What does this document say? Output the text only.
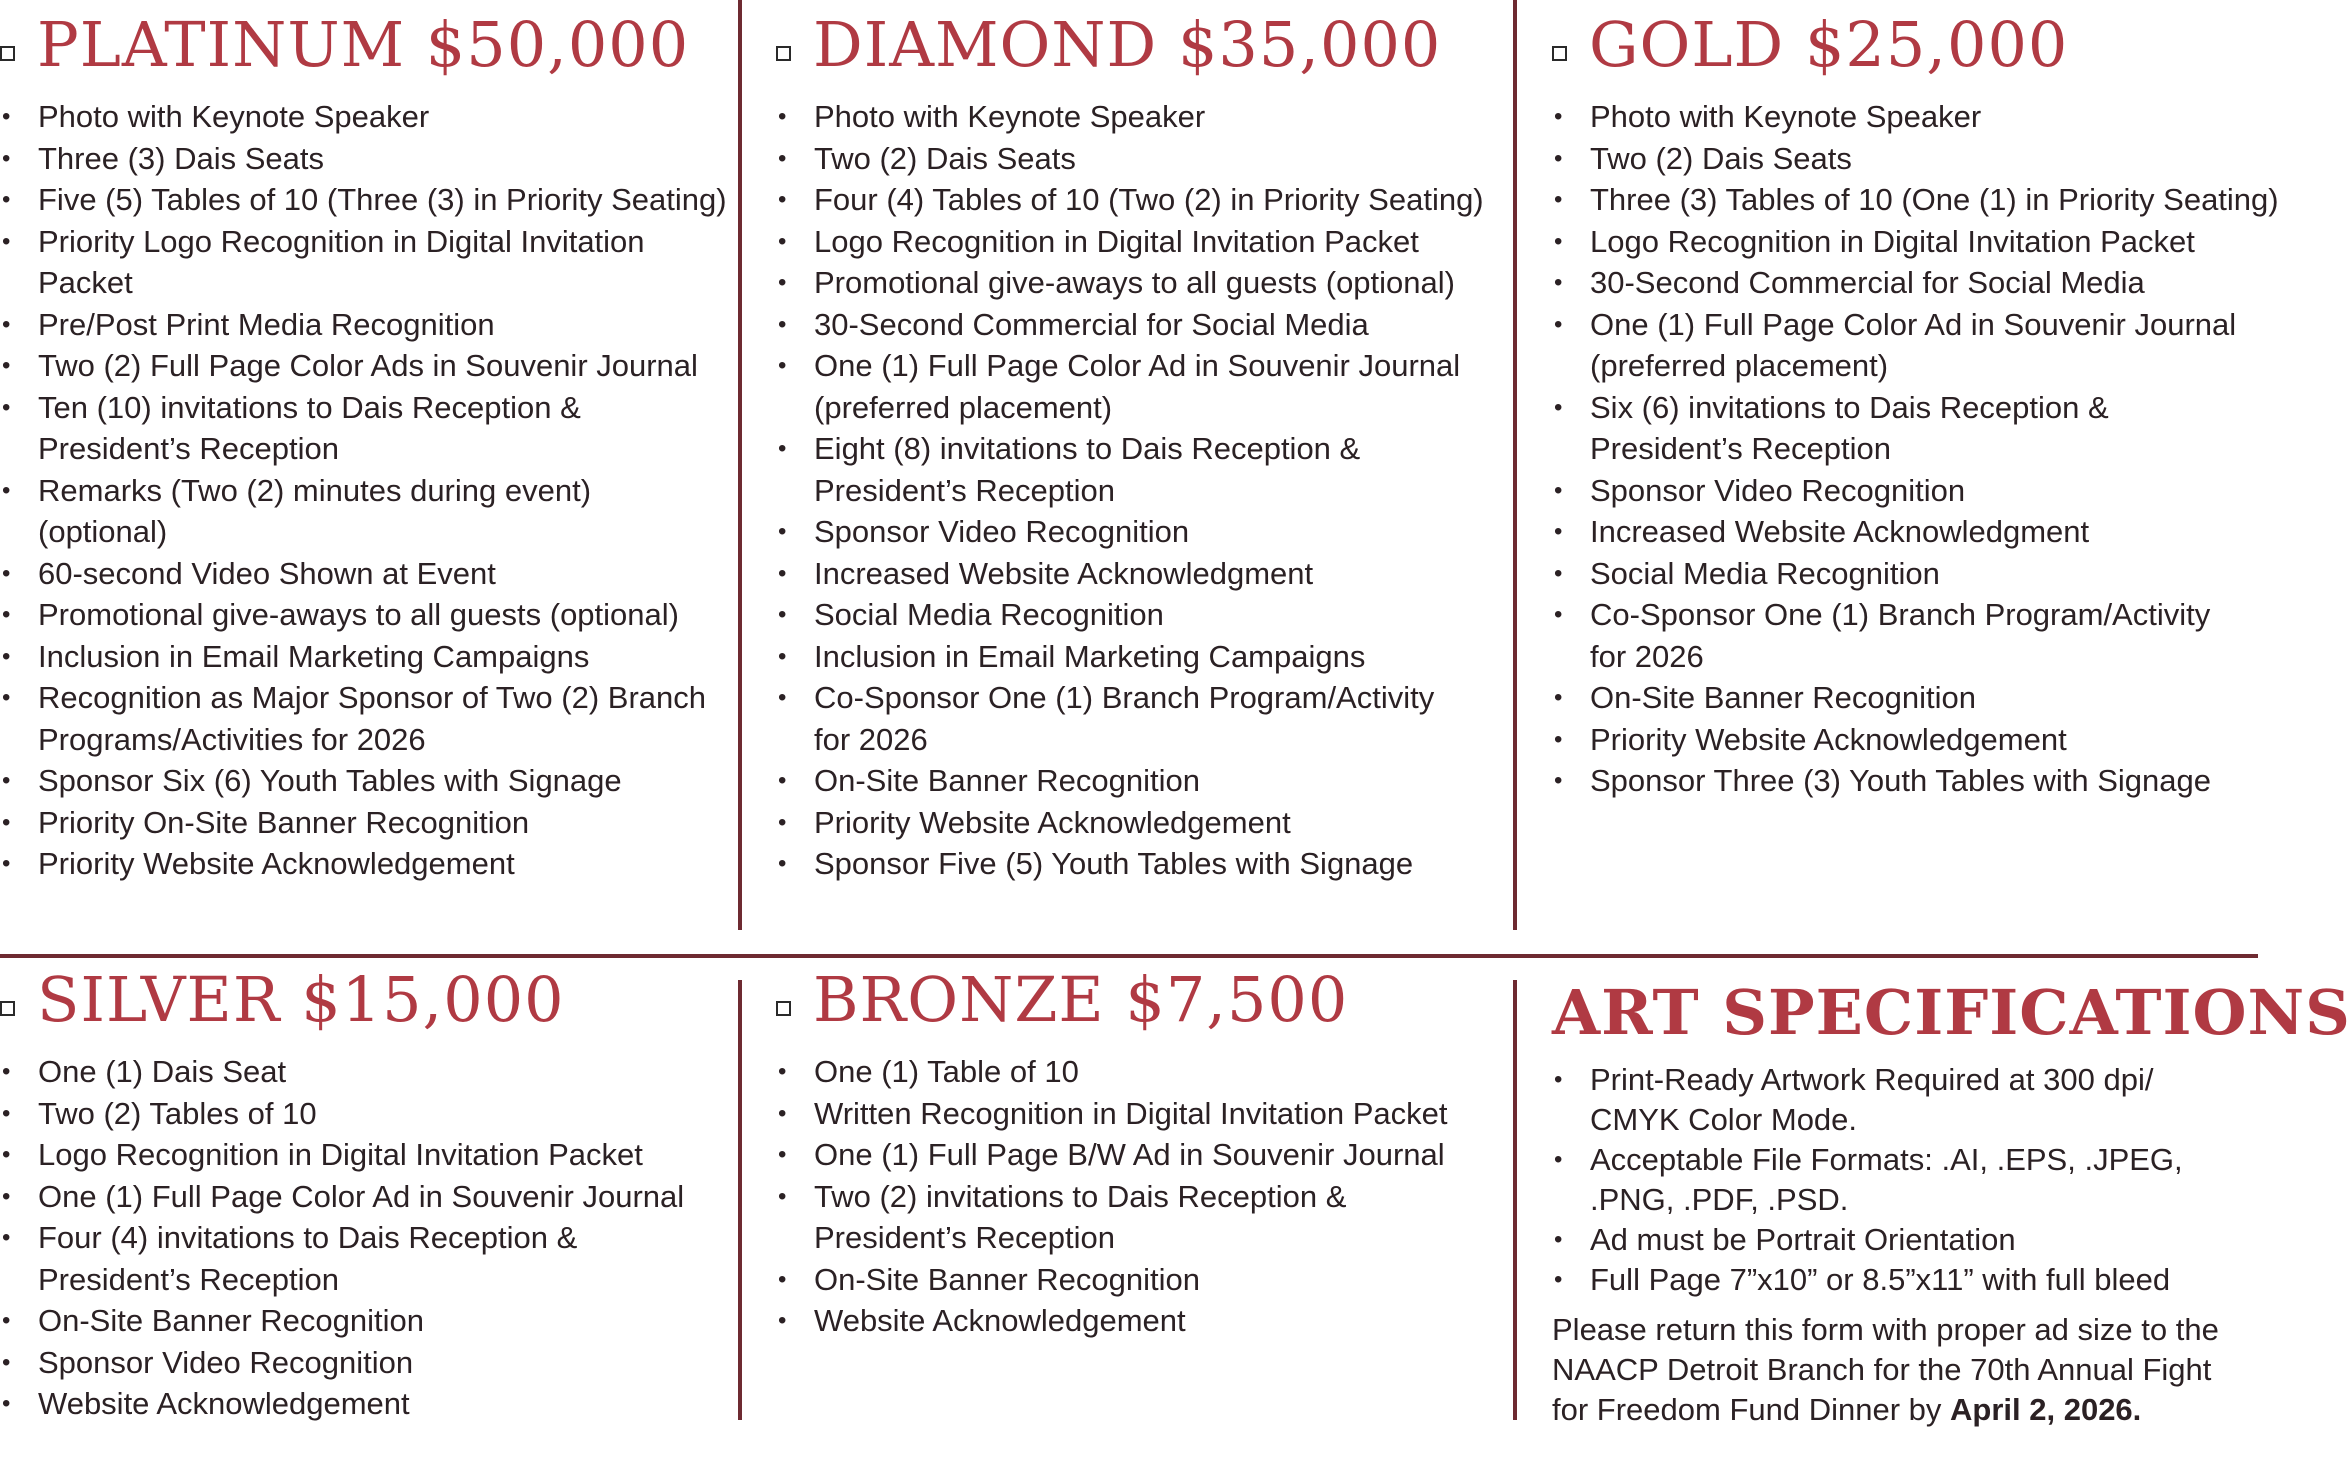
PLATINUM $50,000
• Photo with Keynote Speaker
• Three (3) Dais Seats
• Five (5) Tables of 10 (Three (3) in Priority Seating)
• Priority Logo Recognition in Digital Invitation
Packet
• Pre/Post Print Media Recognition
• Two (2) Full Page Color Ads in Souvenir Journal
• Ten (10) invitations to Dais Reception &
President’s Reception
• Remarks (Two (2) minutes during event)
(optional)
• 60-second Video Shown at Event
• Promotional give-aways to all guests (optional)
• Inclusion in Email Marketing Campaigns
• Recognition as Major Sponsor of Two (2) Branch
Programs/Activities for 2026
• Sponsor Six (6) Youth Tables with Signage
• Priority On-Site Banner Recognition
• Priority Website Acknowledgement
DIAMOND $35,000
• Photo with Keynote Speaker
• Two (2) Dais Seats
• Four (4) Tables of 10 (Two (2) in Priority Seating)
• Logo Recognition in Digital Invitation Packet
• Promotional give-aways to all guests (optional)
• 30-Second Commercial for Social Media
• One (1) Full Page Color Ad in Souvenir Journal
(preferred placement)
• Eight (8) invitations to Dais Reception &
President’s Reception
• Sponsor Video Recognition
• Increased Website Acknowledgment
• Social Media Recognition
• Inclusion in Email Marketing Campaigns
• Co-Sponsor One (1) Branch Program/Activity
for 2026
• On-Site Banner Recognition
• Priority Website Acknowledgement
• Sponsor Five (5) Youth Tables with Signage
GOLD $25,000
• Photo with Keynote Speaker
• Two (2) Dais Seats
• Three (3) Tables of 10 (One (1) in Priority Seating)
• Logo Recognition in Digital Invitation Packet
• 30-Second Commercial for Social Media
• One (1) Full Page Color Ad in Souvenir Journal
(preferred placement)
• Six (6) invitations to Dais Reception &
President’s Reception
• Sponsor Video Recognition
• Increased Website Acknowledgment
• Social Media Recognition
• Co-Sponsor One (1) Branch Program/Activity
for 2026
• On-Site Banner Recognition
• Priority Website Acknowledgement
• Sponsor Three (3) Youth Tables with Signage
SILVER $15,000
• One (1) Dais Seat
• Two (2) Tables of 10
• Logo Recognition in Digital Invitation Packet
• One (1) Full Page Color Ad in Souvenir Journal
• Four (4) invitations to Dais Reception &
President’s Reception
• On-Site Banner Recognition
• Sponsor Video Recognition
• Website Acknowledgement
BRONZE $7,500
• One (1) Table of 10
• Written Recognition in Digital Invitation Packet
• One (1) Full Page B/W Ad in Souvenir Journal
• Two (2) invitations to Dais Reception &
President’s Reception
• On-Site Banner Recognition
• Website Acknowledgement
ART SPECIFICATIONS
• Print-Ready Artwork Required at 300 dpi/
CMYK Color Mode.
• Acceptable File Formats: .AI, .EPS, .JPEG,
.PNG, .PDF, .PSD.
• Ad must be Portrait Orientation
• Full Page 7”x10” or 8.5”x11” with full bleed
Please return this form with proper ad size to the
NAACP Detroit Branch for the 70th Annual Fight
for Freedom Fund Dinner by April 2, 2026.
